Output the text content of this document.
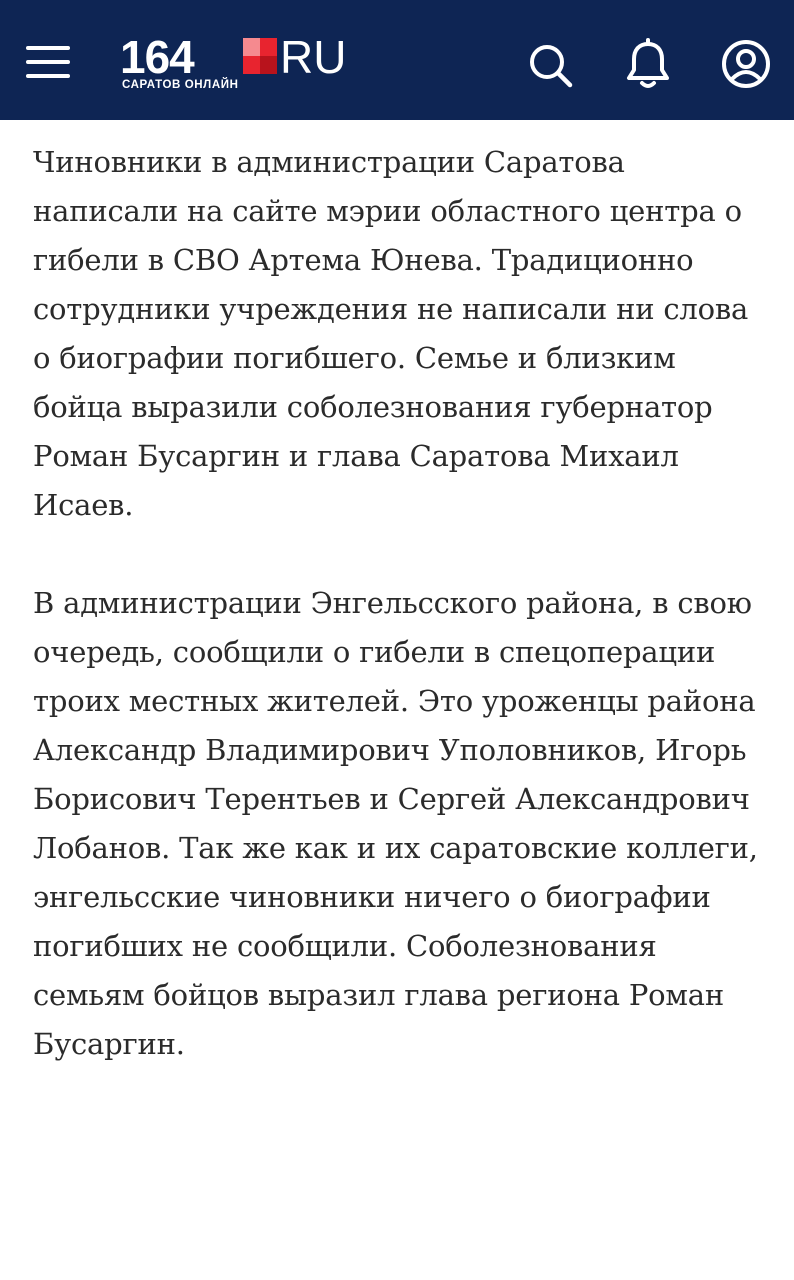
164 RU
САРАТОВ ОНЛАЙН

Чиновники в администрации Саратова написали на сайте мэрии областного центра о гибели в СВО Артема Юнева. Традиционно сотрудники учреждения не написали ни слова о биографии погибшего. Семье и близким бойца выразили соболезнования губернатор Роман Бусаргин и глава Саратова Михаил Исаев.

В администрации Энгельсского района, в свою очередь, сообщили о гибели в спецоперации троих местных жителей. Это уроженцы района Александр Владимирович Уполовников, Игорь Борисович Терентьев и Сергей Александрович Лобанов. Так же как и их саратовские коллеги, энгельсские чиновники ничего о биографии погибших не сообщили. Соболезнования семьям бойцов выразил глава региона Роман Бусаргин.
